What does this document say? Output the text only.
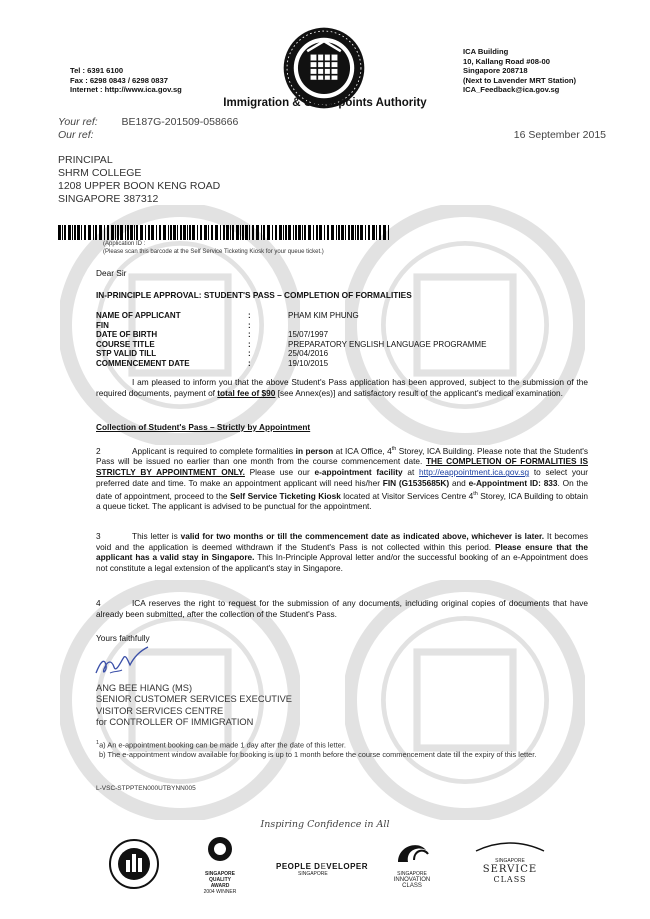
Tel : 6391 6100
Fax : 6298 0843 / 6298 0837
Internet : http://www.ica.gov.sg
ICA Building
10, Kallang Road #08-00
Singapore 208718
(Next to Lavender MRT Station)
ICA_Feedback@ica.gov.sg
Immigration & Checkpoints Authority
Your ref: BE187G-201509-058666
Our ref:	16 September 2015
PRINCIPAL
SHRM COLLEGE
1208 UPPER BOON KENG ROAD
SINGAPORE 387312
(Application ID :
(Please scan this barcode at the Self Service Ticketing Kiosk for your queue ticket.)
Dear Sir
IN-PRINCIPLE APPROVAL: STUDENT'S PASS – COMPLETION OF FORMALITIES
NAME OF APPLICANT	:	PHAM KIM PHUNG
FIN	:
DATE OF BIRTH	:	15/07/1997
COURSE TITLE	:	PREPARATORY ENGLISH LANGUAGE PROGRAMME
STP VALID TILL	:	25/04/2016
COMMENCEMENT DATE	:	19/10/2015
I am pleased to inform you that the above Student's Pass application has been approved, subject to the submission of the required documents, payment of total fee of $90 [see Annex(es)] and satisfactory result of the applicant's medical examination.
Collection of Student's Pass – Strictly by Appointment
2	Applicant is required to complete formalities in person at ICA Office, 4th Storey, ICA Building. Please note that the Student's Pass will be issued no earlier than one month from the course commencement date. THE COMPLETION OF FORMALITIES IS STRICTLY BY APPOINTMENT ONLY. Please use our e-appointment facility at http://eappointment.ica.gov.sg to select your preferred date and time. To make an appointment applicant will need his/her FIN (G1535685K) and e-Appointment ID: 833. On the date of appointment, proceed to the Self Service Ticketing Kiosk located at Visitor Services Centre 4th Storey, ICA Building to obtain a queue ticket. The applicant is advised to be punctual for the appointment.
3	This letter is valid for two months or till the commencement date as indicated above, whichever is later. It becomes void and the application is deemed withdrawn if the Student's Pass is not collected within this period. Please ensure that the applicant has a valid stay in Singapore. This In-Principle Approval letter and/or the successful booking of an e-Appointment does not constitute a legal extension of the applicant's stay in Singapore.
4	ICA reserves the right to request for the submission of any documents, including original copies of documents that have already been submitted, after the collection of the Student's Pass.
Yours faithfully
ANG BEE HIANG (MS)
SENIOR CUSTOMER SERVICES EXECUTIVE
VISITOR SERVICES CENTRE
for CONTROLLER OF IMMIGRATION
$^1$a) An e-appointment booking can be made 1 day after the date of this letter.
b) The e-appointment window available for booking is up to 1 month before the course commencement date till the expiry of this letter.
L-VSC-STPPTEN000UTBYNN005
Inspiring Confidence in All
SINGAPORE
QUALITY
AWARD
2004 WINNER
PEOPLE DEVELOPER
SINGAPORE	SINGAPORE
INNOVATION
CLASS
SINGAPORE
SERVICE
CLASS
